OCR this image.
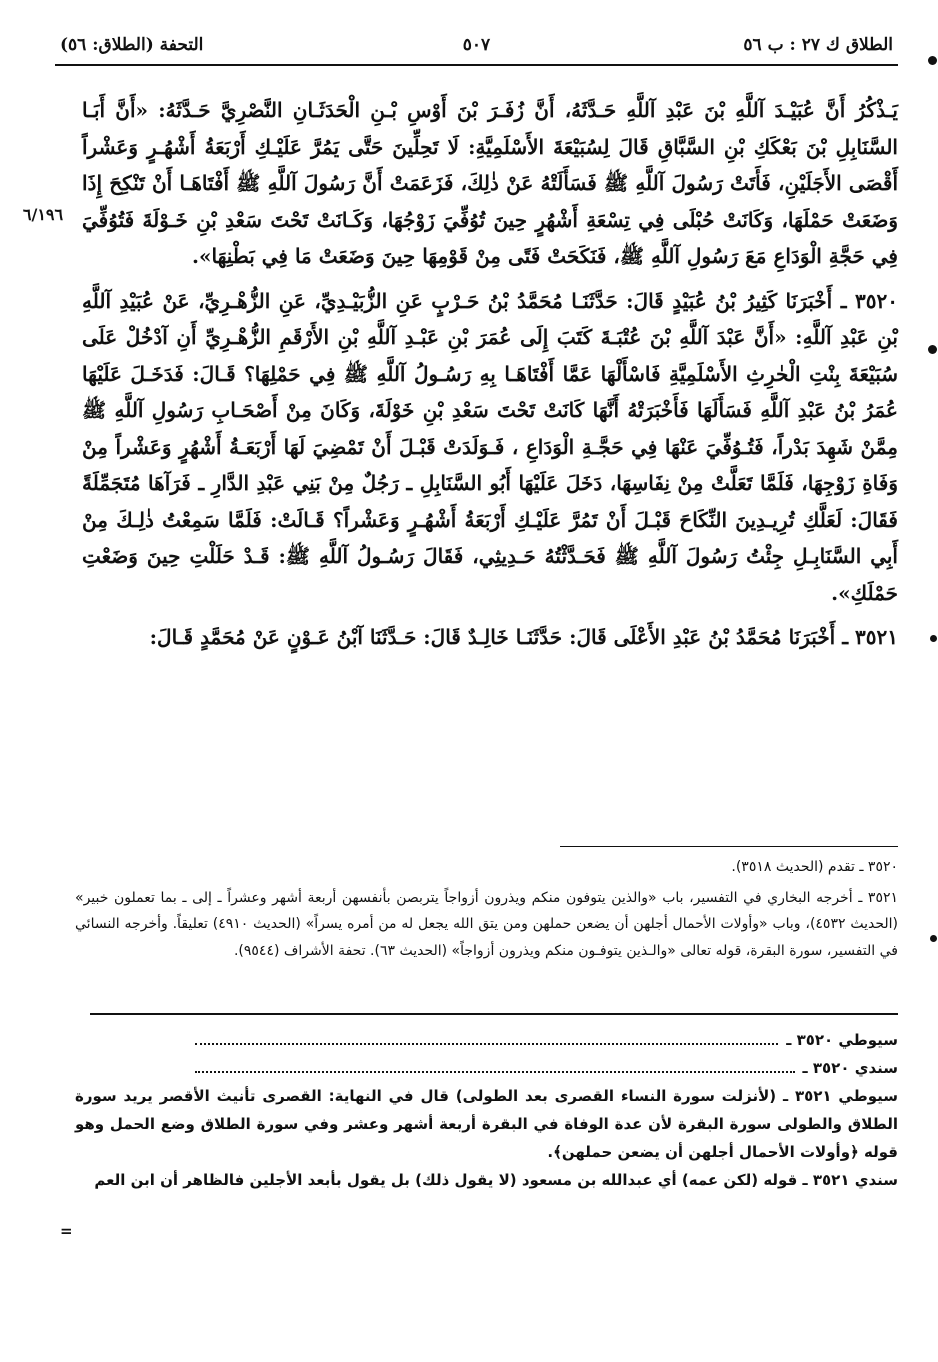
الطلاق ك ٢٧ : ب ٥٦
٥٠٧
التحفة (الطلاق: ٥٦)
٦/١٩٦

يَـذْكُرُ أَنَّ عُبَيْـدَ آللَّهِ بْنَ عَبْدِ آللَّهِ حَـدَّثَهُ، أَنَّ زُفَـرَ بْنَ أَوْسِ بْـنِ الْحَدَثَـانِ النَّصْرِيَّ حَـدَّثَهُ: «أَنَّ أَبَـا السَّنَابِلِ بْنَ بَعْكَكِ بْنِ السَّبَّاقِ قَالَ لِسُبَيْعَةَ الأَسْلَمِيَّةِ: لَا تَحِلِّينَ حَتَّى يَمُرَّ عَلَيْـكِ أَرْبَعَةُ أَشْهُـرٍ وَعَشْراً أَقْصَى الأَجَلَيْنِ، فَأَتَتْ رَسُولَ آللَّهِ ﷺ فَسَأَلَتْهُ عَنْ ذٰلِكَ، فَزَعَمَتْ أَنَّ رَسُولَ آللَّهِ ﷺ أَفْتَاهَـا أَنْ تَنْكِحَ إِذَا وَضَعَتْ حَمْلَهَا، وَكَانَتْ حُبْلَى فِي تِسْعَةِ أَشْهُرٍ حِينَ تُوُفِّيَ زَوْجُهَا، وَكَـانَتْ تَحْتَ سَعْدِ بْنِ خَـوْلَةَ فَتُوُفِّيَ فِي حَجَّةِ الْوَدَاعِ مَعَ رَسُولِ آللَّهِ ﷺ، فَنَكَحَتْ فَتًى مِنْ قَوْمِهَا حِينَ وَضَعَتْ مَا فِي بَطْنِهَا».

٣٥٢٠ ـ أَخْبَرَنَا كَثِيرُ بْنُ عُبَيْدٍ قَالَ: حَدَّثَنَـا مُحَمَّدُ بْنُ حَـرْبٍ عَنِ الزُّبَيْـدِيِّ، عَنِ الزُّهْـرِيِّ، عَنْ عُبَيْدِ آللَّهِ بْنِ عَبْدِ آللَّهِ: «أَنَّ عَبْدَ آللَّهِ بْنَ عُتْبَـةَ كَتَبَ إِلَى عُمَرَ بْنِ عَبْـدِ آللَّهِ بْنِ الأَرْقَمِ الزُّهْـرِيِّ أَنِ آدْخُلْ عَلَى سُبَيْعَةَ بِنْتِ الْحٰرِثِ الأَسْلَمِيَّةِ فَاسْأَلْهَا عَمَّا أَفْتَاهَـا بِهِ رَسُـولُ آللَّهِ ﷺ فِي حَمْلِهَا؟ قَـالَ: فَدَخَـلَ عَلَيْهَا عُمَرُ بْنُ عَبْدِ آللَّهِ فَسَأَلَهَا فَأَخْبَرَتْهُ أَنَّهَا كَانَتْ تَحْتَ سَعْدِ بْنِ خَوْلَةَ، وَكَانَ مِنْ أَصْحَـابِ رَسُولِ آللَّهِ ﷺ مِمَّنْ شَهِدَ بَدْراً، فَتُـوُفِّيَ عَنْهَا فِي حَجَّـةِ الْوَدَاعِ ، فَـوَلَدَتْ قَبْـلَ أَنْ تَمْضِيَ لَهَا أَرْبَعَـةُ أَشْهُرٍ وَعَشْراً مِنْ وَفَاةِ زَوْجِهَا، فَلَمَّا تَعَلَّتْ مِنْ نِفَاسِهَا، دَخَلَ عَلَيْهَا أَبُو السَّنَابِلِ ـ رَجُلٌ مِنْ بَنِي عَبْدِ الدَّارِ ـ فَرَآهَا مُتَجَمِّلَةً فَقَالَ: لَعَلَّكِ تُرِيـدِينَ النِّكَاحَ قَبْـلَ أَنْ تَمُرَّ عَلَيْـكِ أَرْبَعَةُ أَشْهُـرٍ وَعَشْراً؟ قَـالَتْ: فَلَمَّا سَمِعْتُ ذٰلِـكَ مِنْ أَبِي السَّنَابِـلِ جِئْتُ رَسُولَ آللَّهِ ﷺ فَحَـدَّثْتُهُ حَـدِيثِي، فَقَالَ رَسُـولُ آللَّهِ ﷺ: قَـدْ حَلَلْتِ حِينَ وَضَعْتِ حَمْلَكِ».

٣٥٢١ ـ أَخْبَرَنَا مُحَمَّدُ بْنُ عَبْدِ الأَعْلَى قَالَ: حَدَّثَنَـا خَالِـدٌ قَالَ: حَـدَّثَنَا آبْنُ عَـوْنٍ عَنْ مُحَمَّدٍ قَـالَ:

٣٥٢٠ ـ تقدم (الحديث ٣٥١٨).

٣٥٢١ ـ أخرجه البخاري في التفسير، باب «والذين يتوفون منكم ويذرون أزواجاً يتربصن بأنفسهن أربعة أشهر وعشراً ـ إلى ـ بما تعملون خبير» (الحديث ٤٥٣٢)، وباب «وأولات الأحمال أجلهن أن يضعن حملهن ومن يتق الله يجعل له من أمره يسراً» (الحديث ٤٩١٠) تعليقاً. وأخرجه النسائي في التفسير، سورة البقرة، قوله تعالى «والـذين يتوفـون منكم ويذرون أزواجاً» (الحديث ٦٣). تحفة الأشراف (٩٥٤٤).

سيوطي ٣٥٢٠ ـ

سندي ٣٥٢٠ ـ

سيوطي ٣٥٢١ ـ (لأنزلت سورة النساء القصرى بعد الطولى) قال في النهاية: القصرى تأنيث الأقصر يريد سورة الطلاق والطولى سورة البقرة لأن عدة الوفاة في البقرة أربعة أشهر وعشر وفي سورة الطلاق وضع الحمل وهو قوله ﴿وأولات الأحمال أجلهن أن يضعن حملهن﴾.

سندي ٣٥٢١ ـ قوله (لكن عمه) أي عبدالله بن مسعود (لا يقول ذلك) بل يقول بأبعد الأجلين فالظاهر أن ابن العم

=
